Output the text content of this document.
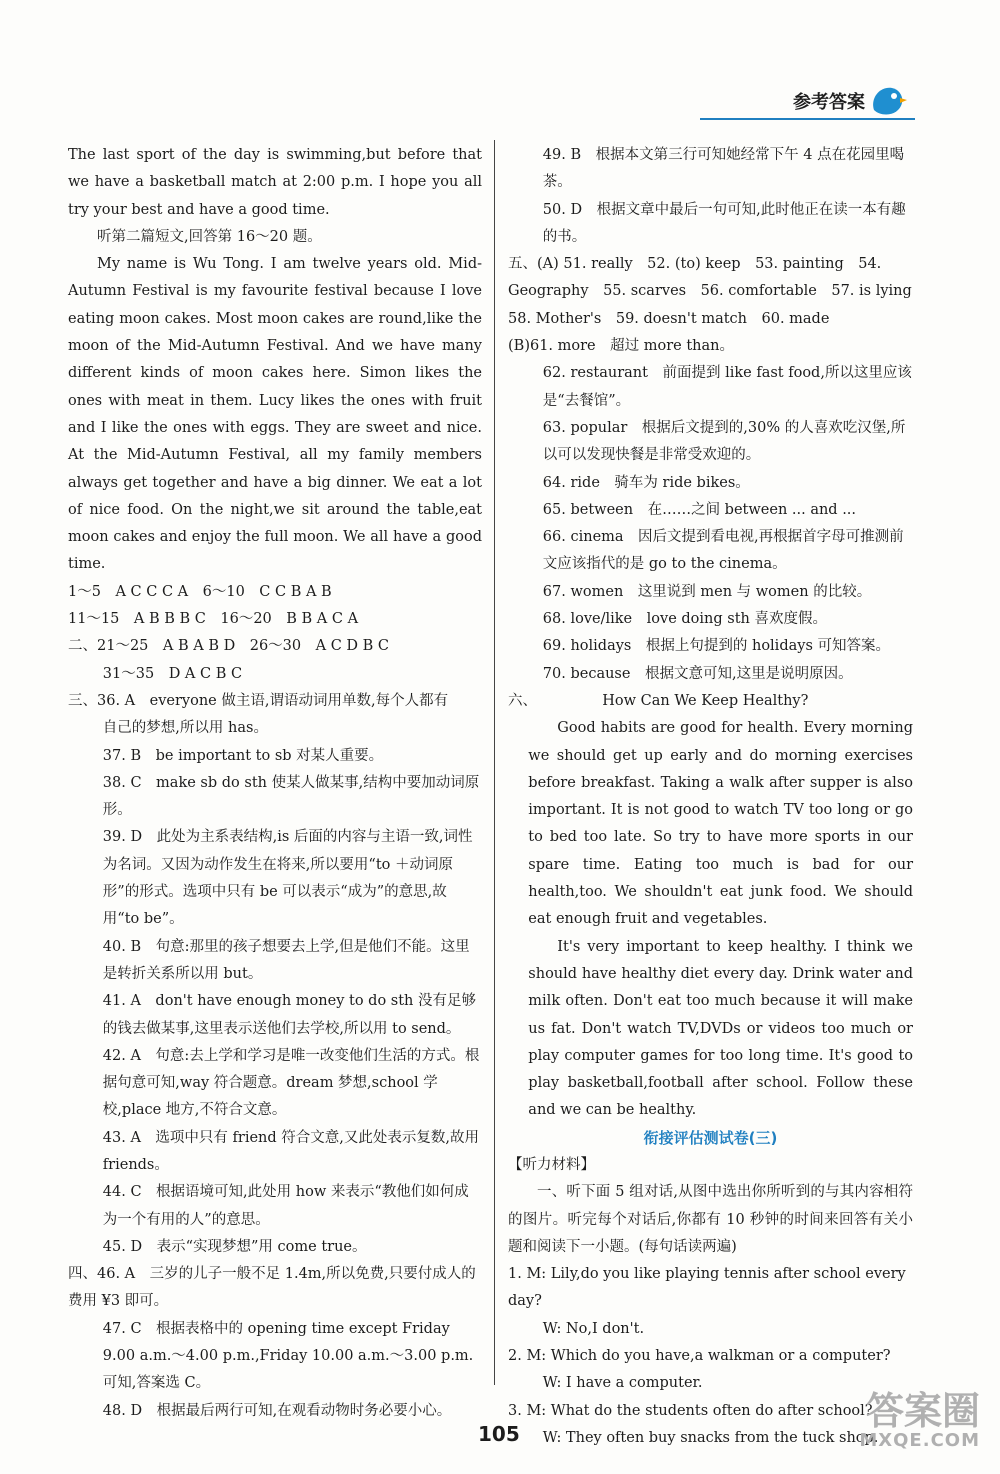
参考答案

The last sport of the day is swimming,but before that we have a basketball match at 2:00 p.m. I hope you all try your best and have a good time.

听第二篇短文,回答第 16～20 题。

My name is Wu Tong. I am twelve years old. Mid-Autumn Festival is my favourite festival because I love eating moon cakes. Most moon cakes are round,like the moon of the Mid-Autumn Festival. And we have many different kinds of moon cakes here. Simon likes the ones with meat in them. Lucy likes the ones with fruit and I like the ones with eggs. They are sweet and nice. At the Mid-Autumn Festival, all my family members always get together and have a big dinner. We eat a lot of nice food. On the night,we sit around the table,eat moon cakes and enjoy the full moon. We all have a good time.

1～5　A C C C A　6～10　C C B A B

11～15　A B B B C　16～20　B B A C A

二、21～25　A B A B D　26～30　A C D B C

31～35　D A C B C

三、36. A　everyone 做主语,谓语动词用单数,每个人都有

自己的梦想,所以用 has。

37. B　be important to sb 对某人重要。

38. C　make sb do sth 使某人做某事,结构中要加动词原形。

39. D　此处为主系表结构,is 后面的内容与主语一致,词性为名词。又因为动作发生在将来,所以要用“to ＋动词原形”的形式。选项中只有 be 可以表示“成为”的意思,故用“to be”。

40. B　句意:那里的孩子想要去上学,但是他们不能。这里是转折关系所以用 but。

41. A　don't have enough money to do sth 没有足够的钱去做某事,这里表示送他们去学校,所以用 to send。

42. A　句意:去上学和学习是唯一改变他们生活的方式。根据句意可知,way 符合题意。dream 梦想,school 学校,place 地方,不符合文意。

43. A　选项中只有 friend 符合文意,又此处表示复数,故用 friends。

44. C　根据语境可知,此处用 how 来表示“教他们如何成为一个有用的人”的意思。

45. D　表示“实现梦想”用 come true。

四、46. A　三岁的儿子一般不足 1.4m,所以免费,只要付成人的费用 ¥3 即可。

47. C　根据表格中的 opening time except Friday 9.00 a.m.～4.00 p.m.,Friday 10.00 a.m.～3.00 p.m.可知,答案选 C。

48. D　根据最后两行可知,在观看动物时务必要小心。

49. B　根据本文第三行可知她经常下午 4 点在花园里喝茶。

50. D　根据文章中最后一句可知,此时他正在读一本有趣的书。

五、(A) 51. really　52. (to) keep　53. painting　54. Geography　55. scarves　56. comfortable　57. is lying　58. Mother's　59. doesn't match　60. made

(B)61. more　超过 more than。

62. restaurant　前面提到 like fast food,所以这里应该是“去餐馆”。

63. popular　根据后文提到的,30% 的人喜欢吃汉堡,所以可以发现快餐是非常受欢迎的。

64. ride　骑车为 ride bikes。

65. between　在……之间 between ... and ...

66. cinema　因后文提到看电视,再根据首字母可推测前文应该指代的是 go to the cinema。

67. women　这里说到 men 与 women 的比较。

68. love/like　love doing sth 喜欢度假。

69. holidays　根据上句提到的 holidays 可知答案。

70. because　根据文意可知,这里是说明原因。

六、　　　　　How Can We Keep Healthy?

Good habits are good for health. Every morning we should get up early and do morning exercises before breakfast. Taking a walk after supper is also important. It is not good to watch TV too long or go to bed too late. So try to have more sports in our spare time. Eating too much is bad for our health,too. We shouldn't eat junk food. We should eat enough fruit and vegetables.

It's very important to keep healthy. I think we should have healthy diet every day. Drink water and milk often. Don't eat too much because it will make us fat. Don't watch TV,DVDs or videos too much or play computer games for too long time. It's good to play basketball,football after school. Follow these and we can be healthy.

衔接评估测试卷(三)

【听力材料】

一、听下面 5 组对话,从图中选出你所听到的与其内容相符的图片。听完每个对话后,你都有 10 秒钟的时间来回答有关小题和阅读下一小题。(每句话读两遍)

1. M: Lily,do you like playing tennis after school every day?

W: No,I don't.

2. M: Which do you have,a walkman or a computer?

W: I have a computer.

3. M: What do the students often do after school?

W: They often buy snacks from the tuck shop.

105
答案圈
MXQE.COM
